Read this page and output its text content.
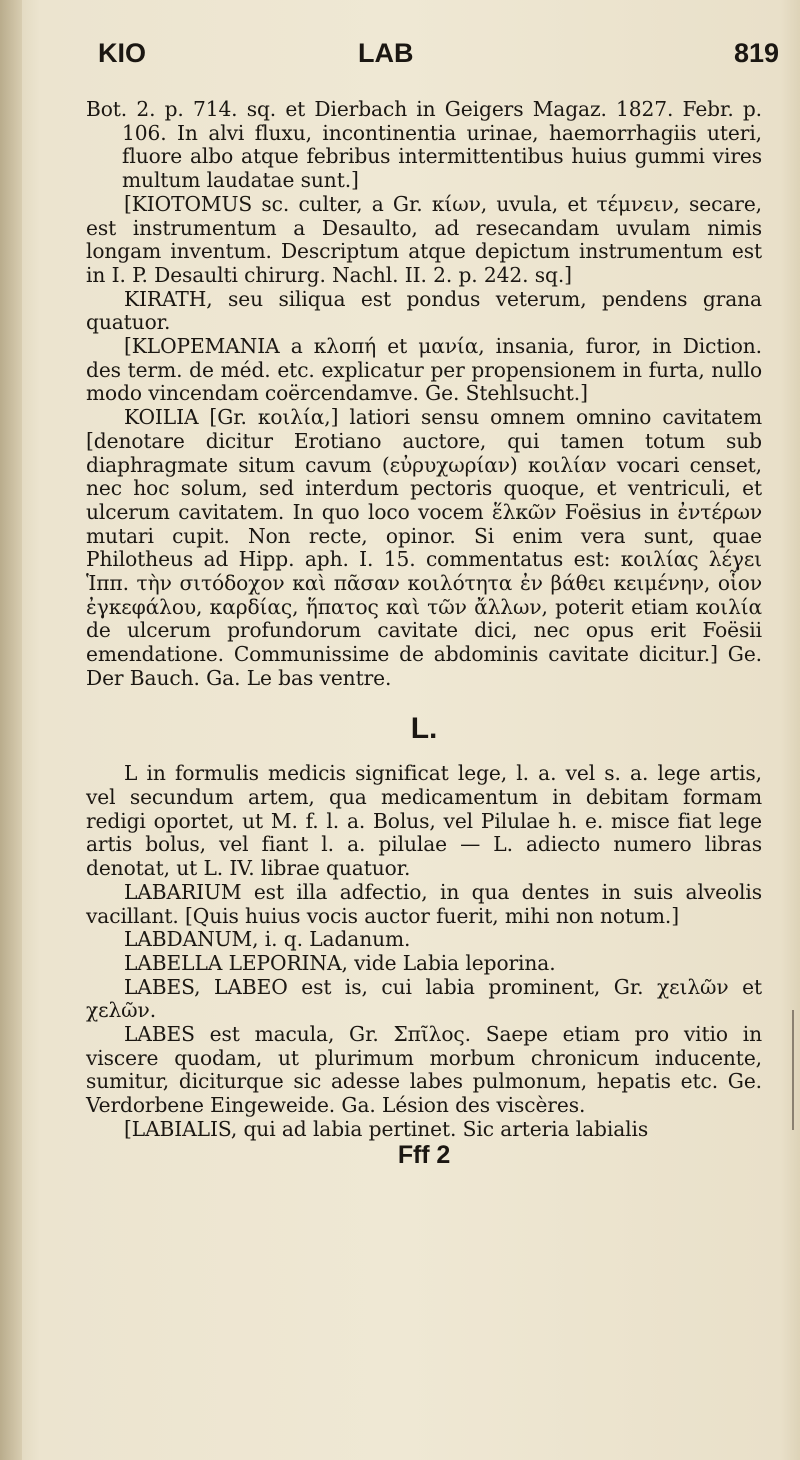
KIO	LAB	819

Bot. 2. p. 714. sq. et Dierbach in Geigers Magaz. 1827. Febr. p. 106. In alvi fluxu, incontinentia urinae, haemorrhagiis uteri, fluore albo atque febribus intermittentibus huius gummi vires multum laudatae sunt.]

[KIOTOMUS sc. culter, a Gr. κίων, uvula, et τέμνειν, secare, est instrumentum a Desaulto, ad resecandam uvulam nimis longam inventum. Descriptum atque depictum instrumentum est in I. P. Desaulti chirurg. Nachl. II. 2. p. 242. sq.]

KIRATH, seu siliqua est pondus veterum, pendens grana quatuor.

[KLOPEMANIA a κλοπή et μανία, insania, furor, in Diction. des term. de méd. etc. explicatur per propensionem in furta, nullo modo vincendam coërcendamve. Ge. Stehlsucht.]

KOILIA [Gr. κοιλία,] latiori sensu omnem omnino cavitatem [denotare dicitur Erotiano auctore, qui tamen totum sub diaphragmate situm cavum (εὐρυχωρίαν) κοιλίαν vocari censet, nec hoc solum, sed interdum pectoris quoque, et ventriculi, et ulcerum cavitatem. In quo loco vocem ἕλκῶν Foësius in ἐντέρων mutari cupit. Non recte, opinor. Si enim vera sunt, quae Philotheus ad Hipp. aph. I. 15. commentatus est: κοιλίας λέγει Ἱππ. τὴν σιτόδοχον καὶ πᾶσαν κοιλότητα ἐν βάθει κειμένην, οἷον ἐγκεφάλου, καρδίας, ἥπατος καὶ τῶν ἄλλων, poterit etiam κοιλία de ulcerum profundorum cavitate dici, nec opus erit Foësii emendatione. Communissime de abdominis cavitate dicitur.] Ge. Der Bauch. Ga. Le bas ventre.

L.

L in formulis medicis significat lege, l. a. vel s. a. lege artis, vel secundum artem, qua medicamentum in debitam formam redigi oportet, ut M. f. l. a. Bolus, vel Pilulae h. e. misce fiat lege artis bolus, vel fiant l. a. pilulae — L. adiecto numero libras denotat, ut L. IV. librae quatuor.

LABARIUM est illa adfectio, in qua dentes in suis alveolis vacillant. [Quis huius vocis auctor fuerit, mihi non notum.]

LABDANUM, i. q. Ladanum.

LABELLA LEPORINA, vide Labia leporina.

LABES, LABEO est is, cui labia prominent, Gr. χειλῶν et χελῶν.

LABES est macula, Gr. Σπῖλος. Saepe etiam pro vitio in viscere quodam, ut plurimum morbum chronicum inducente, sumitur, diciturque sic adesse labes pulmonum, hepatis etc. Ge. Verdorbene Eingeweide. Ga. Lésion des viscères.

[LABIALIS, qui ad labia pertinet. Sic arteria labialis

Fff 2
